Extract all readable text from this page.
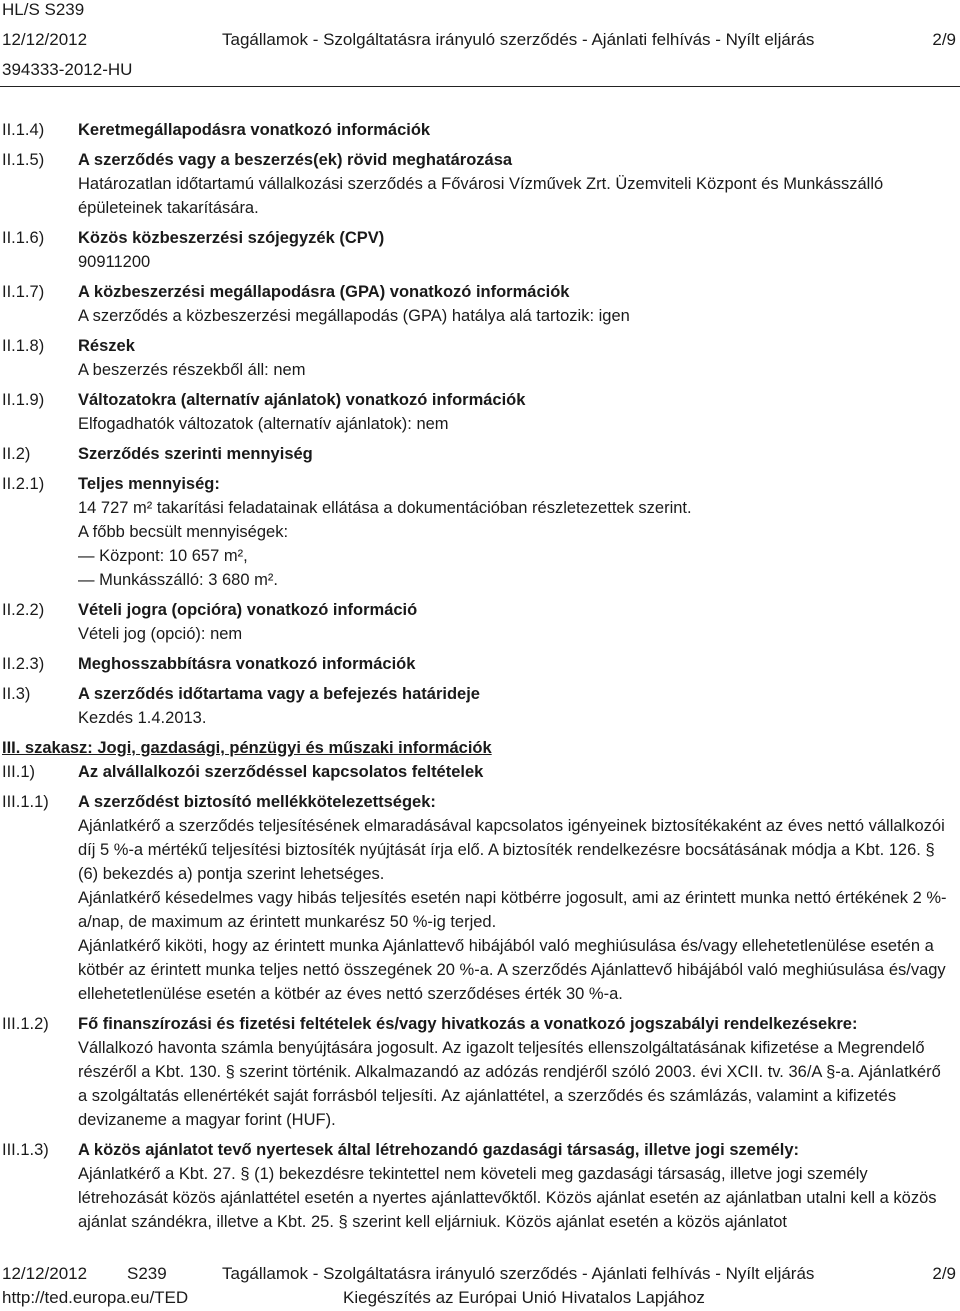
HL/S S239
12/12/2012	Tagállamok - Szolgáltatásra irányuló szerződés - Ajánlati felhívás - Nyílt eljárás	2/9
394333-2012-HU
II.1.4)	Keretmegállapodásra vonatkozó információk
II.1.5)	A szerződés vagy a beszerzés(ek) rövid meghatározása
Határozatlan időtartamú vállalkozási szerződés a Fővárosi Vízművek Zrt. Üzemviteli Központ és Munkásszálló épületeinek takarítására.
II.1.6)	Közös közbeszerzési szójegyzék (CPV)
90911200
II.1.7)	A közbeszerzési megállapodásra (GPA) vonatkozó információk
A szerződés a közbeszerzési megállapodás (GPA) hatálya alá tartozik: igen
II.1.8)	Részek
A beszerzés részekből áll: nem
II.1.9)	Változatokra (alternatív ajánlatok) vonatkozó információk
Elfogadhatók változatok (alternatív ajánlatok): nem
II.2)	Szerződés szerinti mennyiség
II.2.1)	Teljes mennyiség:
14 727 m² takarítási feladatainak ellátása a dokumentációban részletezettek szerint.
A főbb becsült mennyiségek:
— Központ: 10 657 m²,
— Munkásszálló: 3 680 m².
II.2.2)	Vételi jogra (opcióra) vonatkozó információ
Vételi jog (opció): nem
II.2.3)	Meghosszabbításra vonatkozó információk
II.3)	A szerződés időtartama vagy a befejezés határideje
Kezdés 1.4.2013.
III. szakasz: Jogi, gazdasági, pénzügyi és műszaki információk
III.1)	Az alvállalkozói szerződéssel kapcsolatos feltételek
III.1.1)	A szerződést biztosító mellékkötelezettségek:
Ajánlatkérő a szerződés teljesítésének elmaradásával kapcsolatos igényeinek biztosítékaként az éves nettó vállalkozói díj 5 %-a mértékű teljesítési biztosíték nyújtását írja elő. A biztosíték rendelkezésre bocsátásának módja a Kbt. 126. § (6) bekezdés a) pontja szerint lehetséges.
Ajánlatkérő késedelmes vagy hibás teljesítés esetén napi kötbérre jogosult, ami az érintett munka nettó értékének 2 %-a/nap, de maximum az érintett munkarész 50 %-ig terjed.
Ajánlatkérő kiköti, hogy az érintett munka Ajánlattevő hibájából való meghiúsulása és/vagy ellehetetlenülése esetén a kötbér az érintett munka teljes nettó összegének 20 %-a. A szerződés Ajánlattevő hibájából való meghiúsulása és/vagy ellehetetlenülése esetén a kötbér az éves nettó szerződéses érték 30 %-a.
III.1.2)	Fő finanszírozási és fizetési feltételek és/vagy hivatkozás a vonatkozó jogszabályi rendelkezésekre:
Vállalkozó havonta számla benyújtására jogosult. Az igazolt teljesítés ellenszolgáltatásának kifizetése a Megrendelő részéről a Kbt. 130. § szerint történik. Alkalmazandó az adózás rendjéről szóló 2003. évi XCII. tv. 36/A §-a. Ajánlatkérő a szolgáltatás ellenértékét saját forrásból teljesíti. Az ajánlattétel, a szerződés és számlázás, valamint a kifizetés devizaneme a magyar forint (HUF).
III.1.3)	A közös ajánlatot tevő nyertesek által létrehozandó gazdasági társaság, illetve jogi személy:
Ajánlatkérő a Kbt. 27. § (1) bekezdésre tekintettel nem követeli meg gazdasági társaság, illetve jogi személy létrehozását közös ajánlattétel esetén a nyertes ajánlattevőktől. Közös ajánlat esetén az ajánlatban utalni kell a közös ajánlat szándékra, illetve a Kbt. 25. § szerint kell eljárniuk. Közös ajánlat esetén a közös ajánlatot
12/12/2012 S239	Tagállamok - Szolgáltatásra irányuló szerződés - Ajánlati felhívás - Nyílt eljárás	2/9
http://ted.europa.eu/TED	Kiegészítés az Európai Unió Hivatalos Lapjához
